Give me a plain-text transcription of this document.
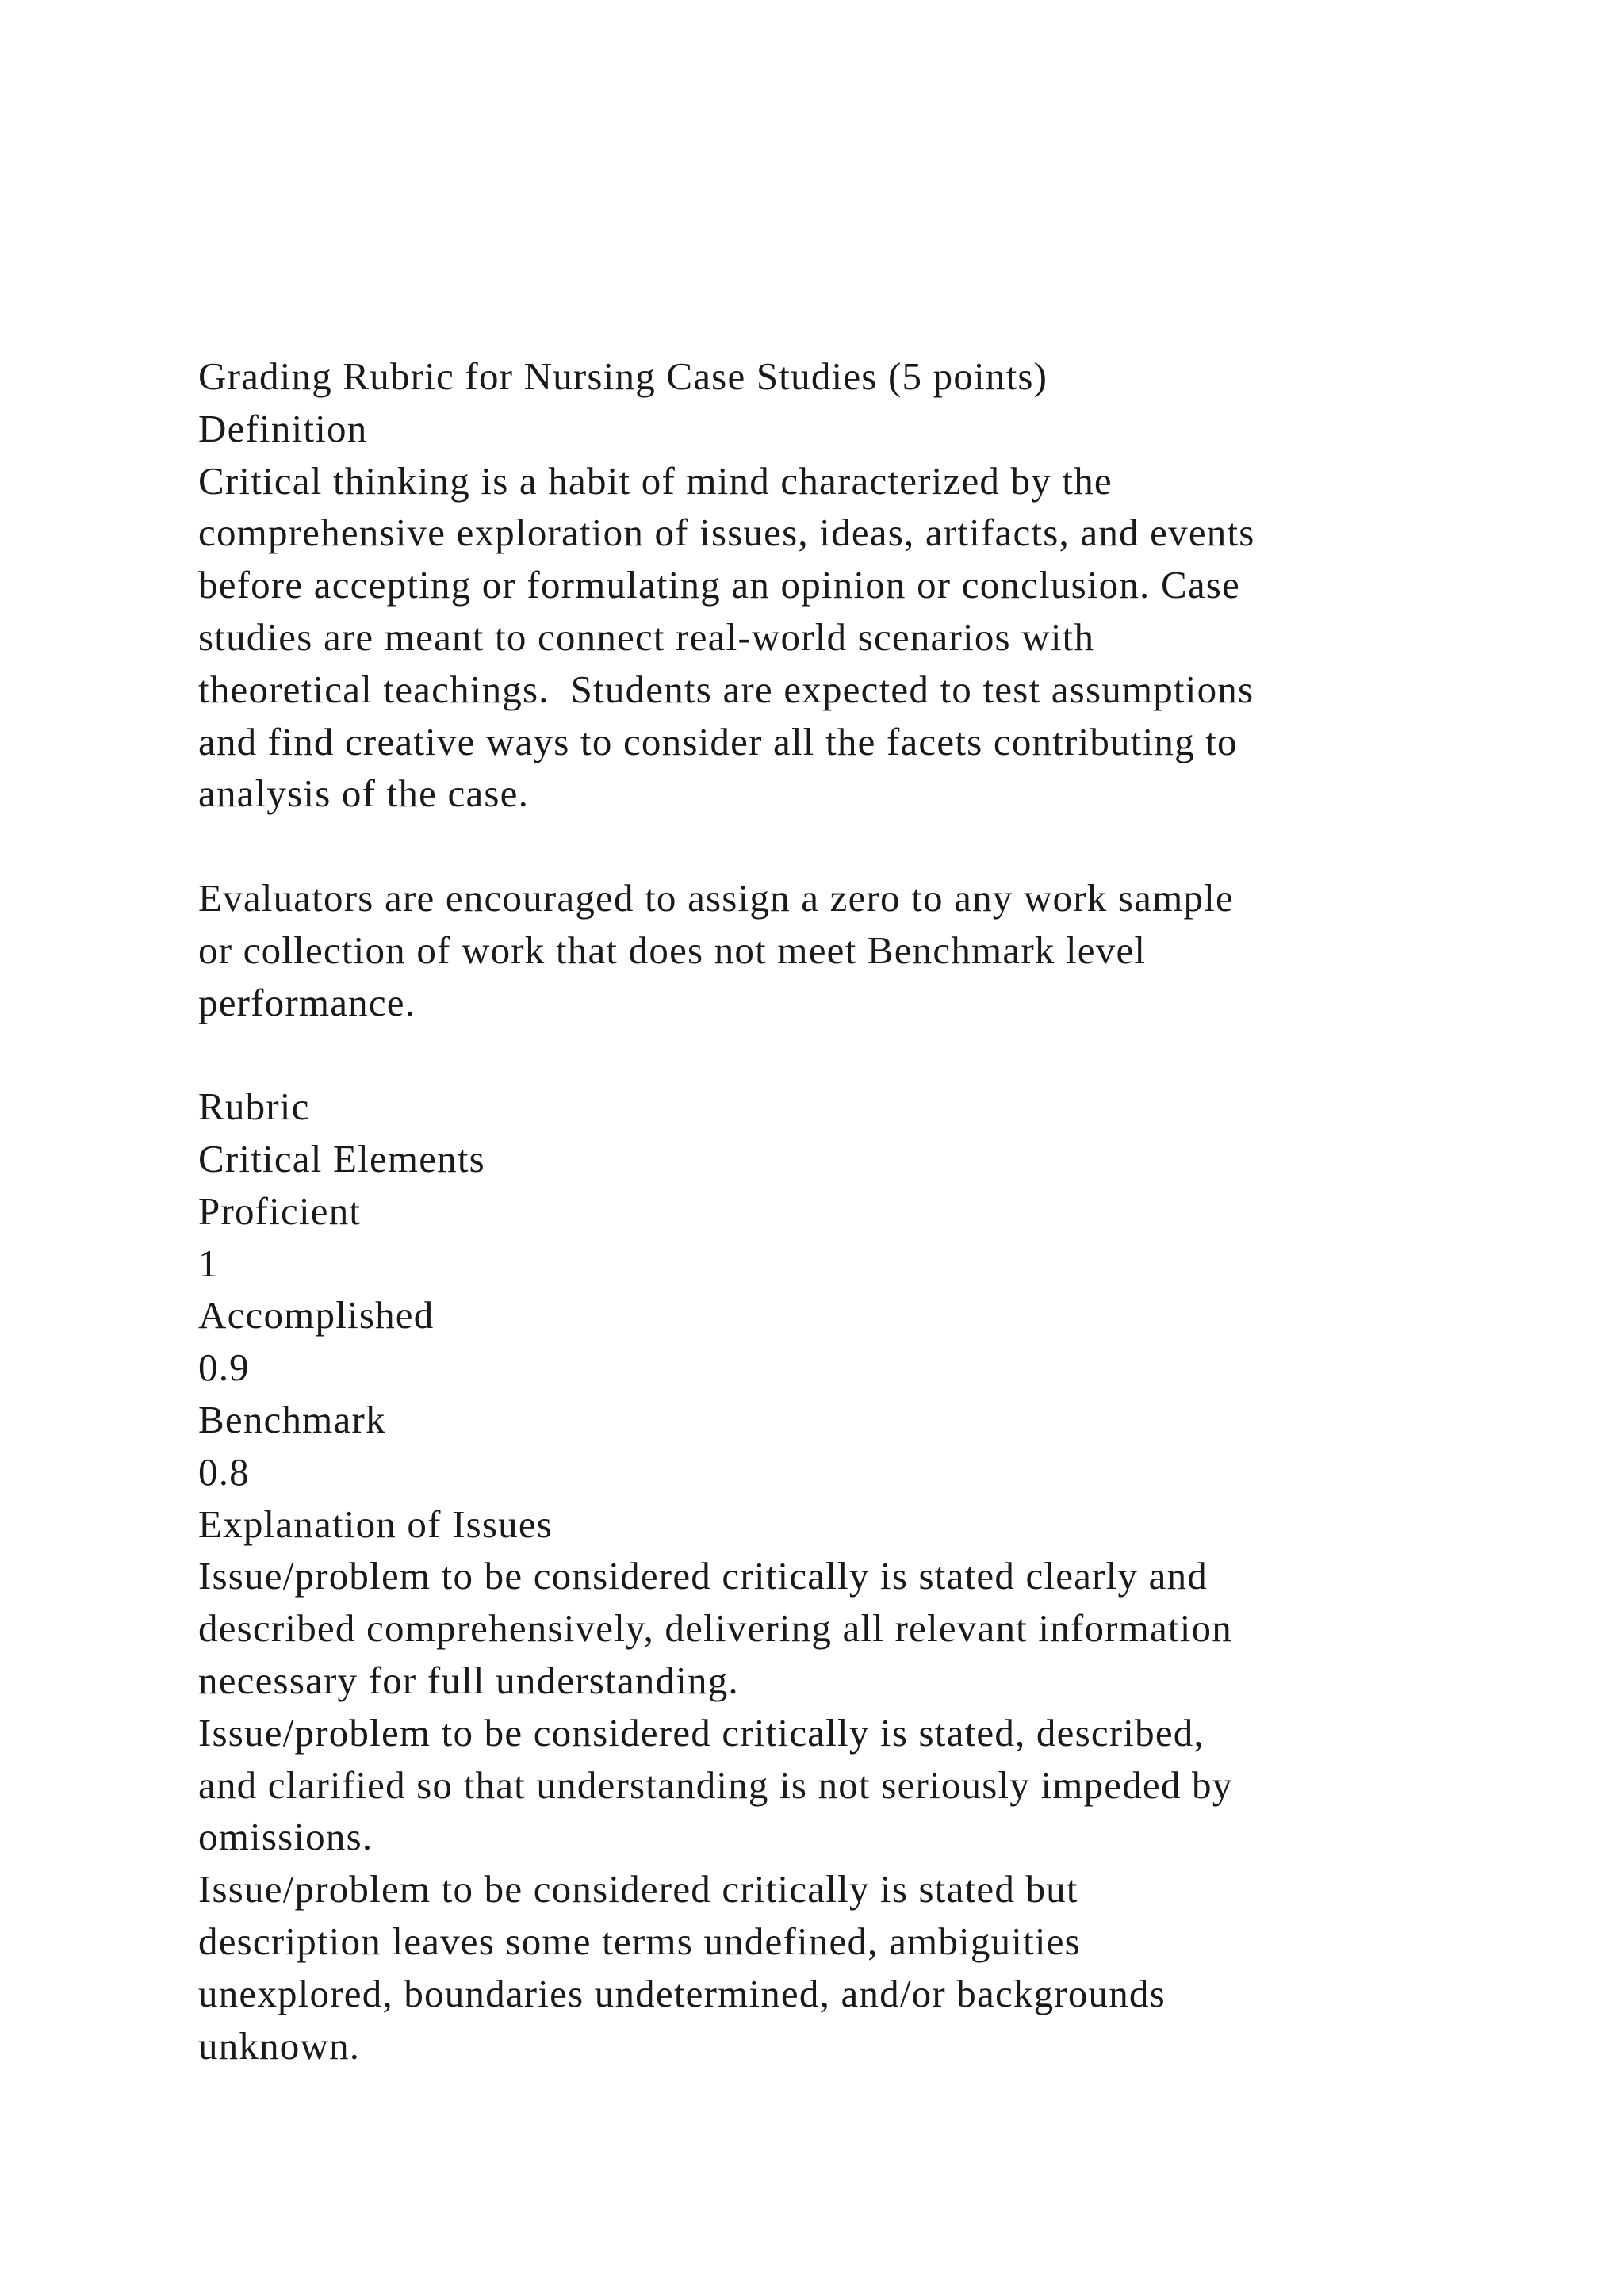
Grading Rubric for Nursing Case Studies (5 points)
Definition
Critical thinking is a habit of mind characterized by the
comprehensive exploration of issues, ideas, artifacts, and events
before accepting or formulating an opinion or conclusion. Case
studies are meant to connect real-world scenarios with
theoretical teachings.  Students are expected to test assumptions
and find creative ways to consider all the facets contributing to
analysis of the case.
Evaluators are encouraged to assign a zero to any work sample
or collection of work that does not meet Benchmark level
performance.
Rubric
Critical Elements
Proficient
1
Accomplished
0.9
Benchmark
0.8
Explanation of Issues
Issue/problem to be considered critically is stated clearly and
described comprehensively, delivering all relevant information
necessary for full understanding.
Issue/problem to be considered critically is stated, described,
and clarified so that understanding is not seriously impeded by
omissions.
Issue/problem to be considered critically is stated but
description leaves some terms undefined, ambiguities
unexplored, boundaries undetermined, and/or backgrounds
unknown.
